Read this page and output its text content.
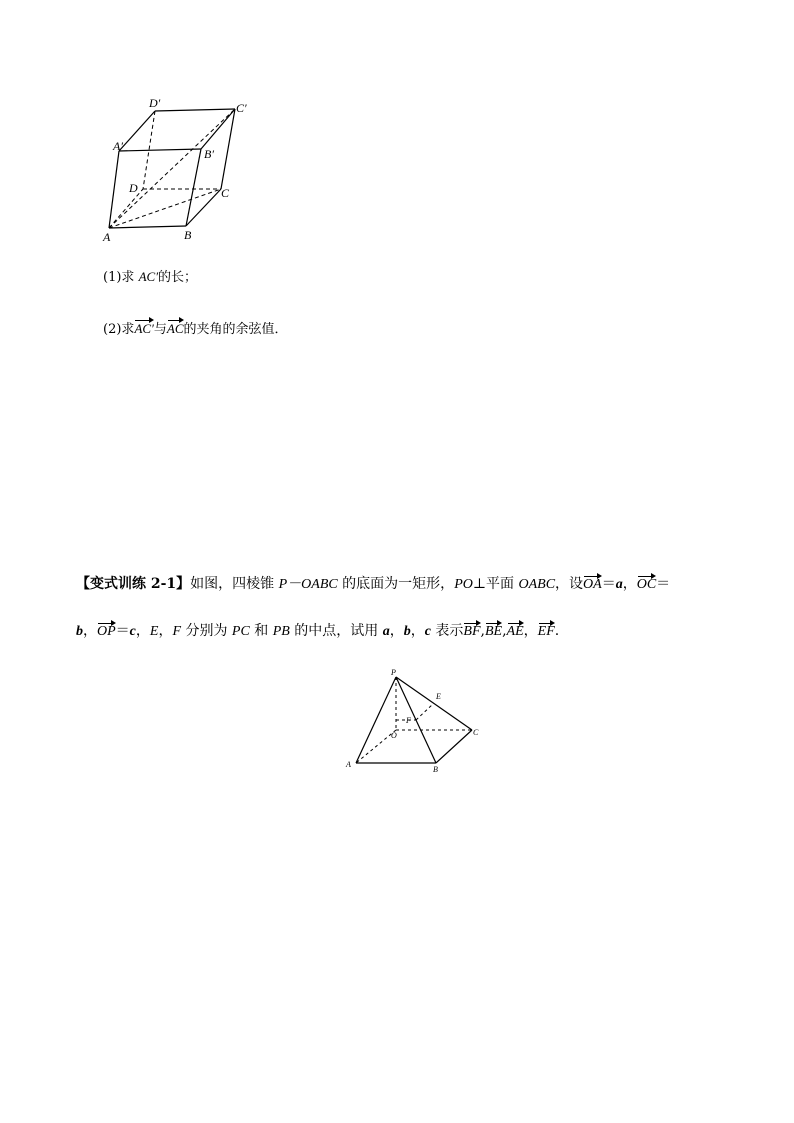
D′	C′
A′
B′
D	C
A	B
(1)求 AC′的长；
(2)求AC′与AC的夹角的余弦值．
【变式训练 2-1】如图，四棱锥 P－OABC 的底面为一矩形，PO⊥平面 OABC，设OA＝a，OC＝
b，OP＝c，E，F 分别为 PC 和 PB 的中点，试用 a，b，c 表示BF,BE,AE，EF.
P
E
F
O	C
A
B
